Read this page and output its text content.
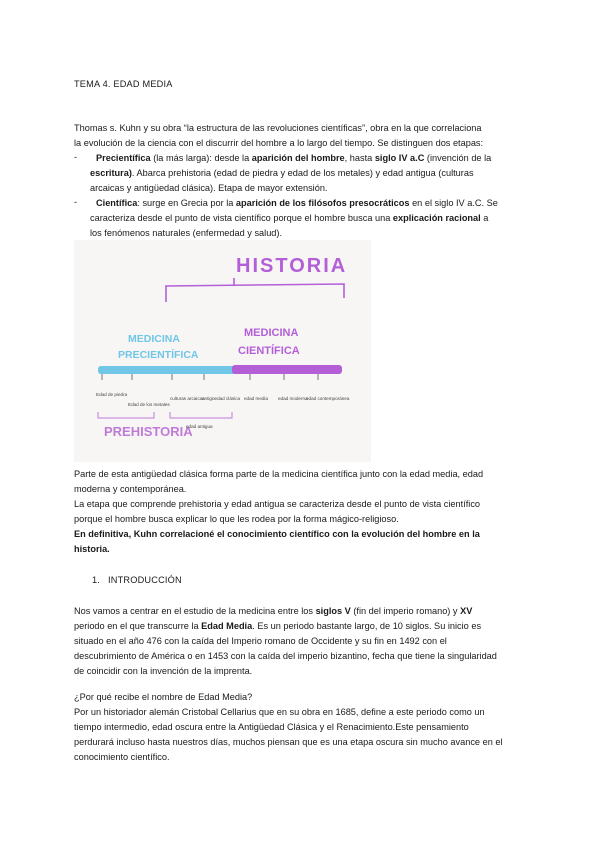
TEMA 4. EDAD MEDIA
Thomas s. Kuhn y su obra “la estructura de las revoluciones científicas”, obra en la que correlaciona
la evolución de la ciencia con el discurrir del hombre a lo largo del tiempo. Se distinguen dos etapas:
- Precientífica (la más larga): desde la aparición del hombre, hasta siglo IV a.C (invención de la
escritura). Abarca prehistoria (edad de piedra y edad de los metales) y edad antigua (culturas
arcaicas y antigüedad clásica). Etapa de mayor extensión.
- Científica: surge en Grecia por la aparición de los filósofos presocráticos en el siglo IV a.C. Se
caracteriza desde el punto de vista científico porque el hombre busca una explicación racional a
los fenómenos naturales (enfermedad y salud).
HISTORIA
MEDICINA
PRECIENTÍFICA
MEDICINA
CIENTÍFICA
Edad de piedra
Edad de los metales
culturas arcaicas
antigüedad clásica edad media edad moderna
edad contemporánea
PREHISTORIA
edad antigua
Parte de esta antigüedad clásica forma parte de la medicina científica junto con la edad media, edad
moderna y contemporánea.
La etapa que comprende prehistoria y edad antigua se caracteriza desde el punto de vista científico
porque el hombre busca explicar lo que les rodea por la forma mágico-religioso.
En definitiva, Kuhn correlacioné el conocimiento científico con la evolución del hombre en la
historia.
1. INTRODUCCIÓN
Nos vamos a centrar en el estudio de la medicina entre los siglos V (fin del imperio romano) y XV
periodo en el que transcurre la Edad Media. Es un periodo bastante largo, de 10 siglos. Su inicio es
situado en el año 476 con la caída del Imperio romano de Occidente y su fin en 1492 con el
descubrimiento de América o en 1453 con la caída del imperio bizantino, fecha que tiene la singularidad
de coincidir con la invención de la imprenta.
¿Por qué recibe el nombre de Edad Media?
Por un historiador alemán Cristobal Cellarius que en su obra en 1685, define a este periodo como un
tiempo intermedio, edad oscura entre la Antigüedad Clásica y el Renacimiento.Este pensamiento
perdurará incluso hasta nuestros días, muchos piensan que es una etapa oscura sin mucho avance en el
conocimiento científico.
